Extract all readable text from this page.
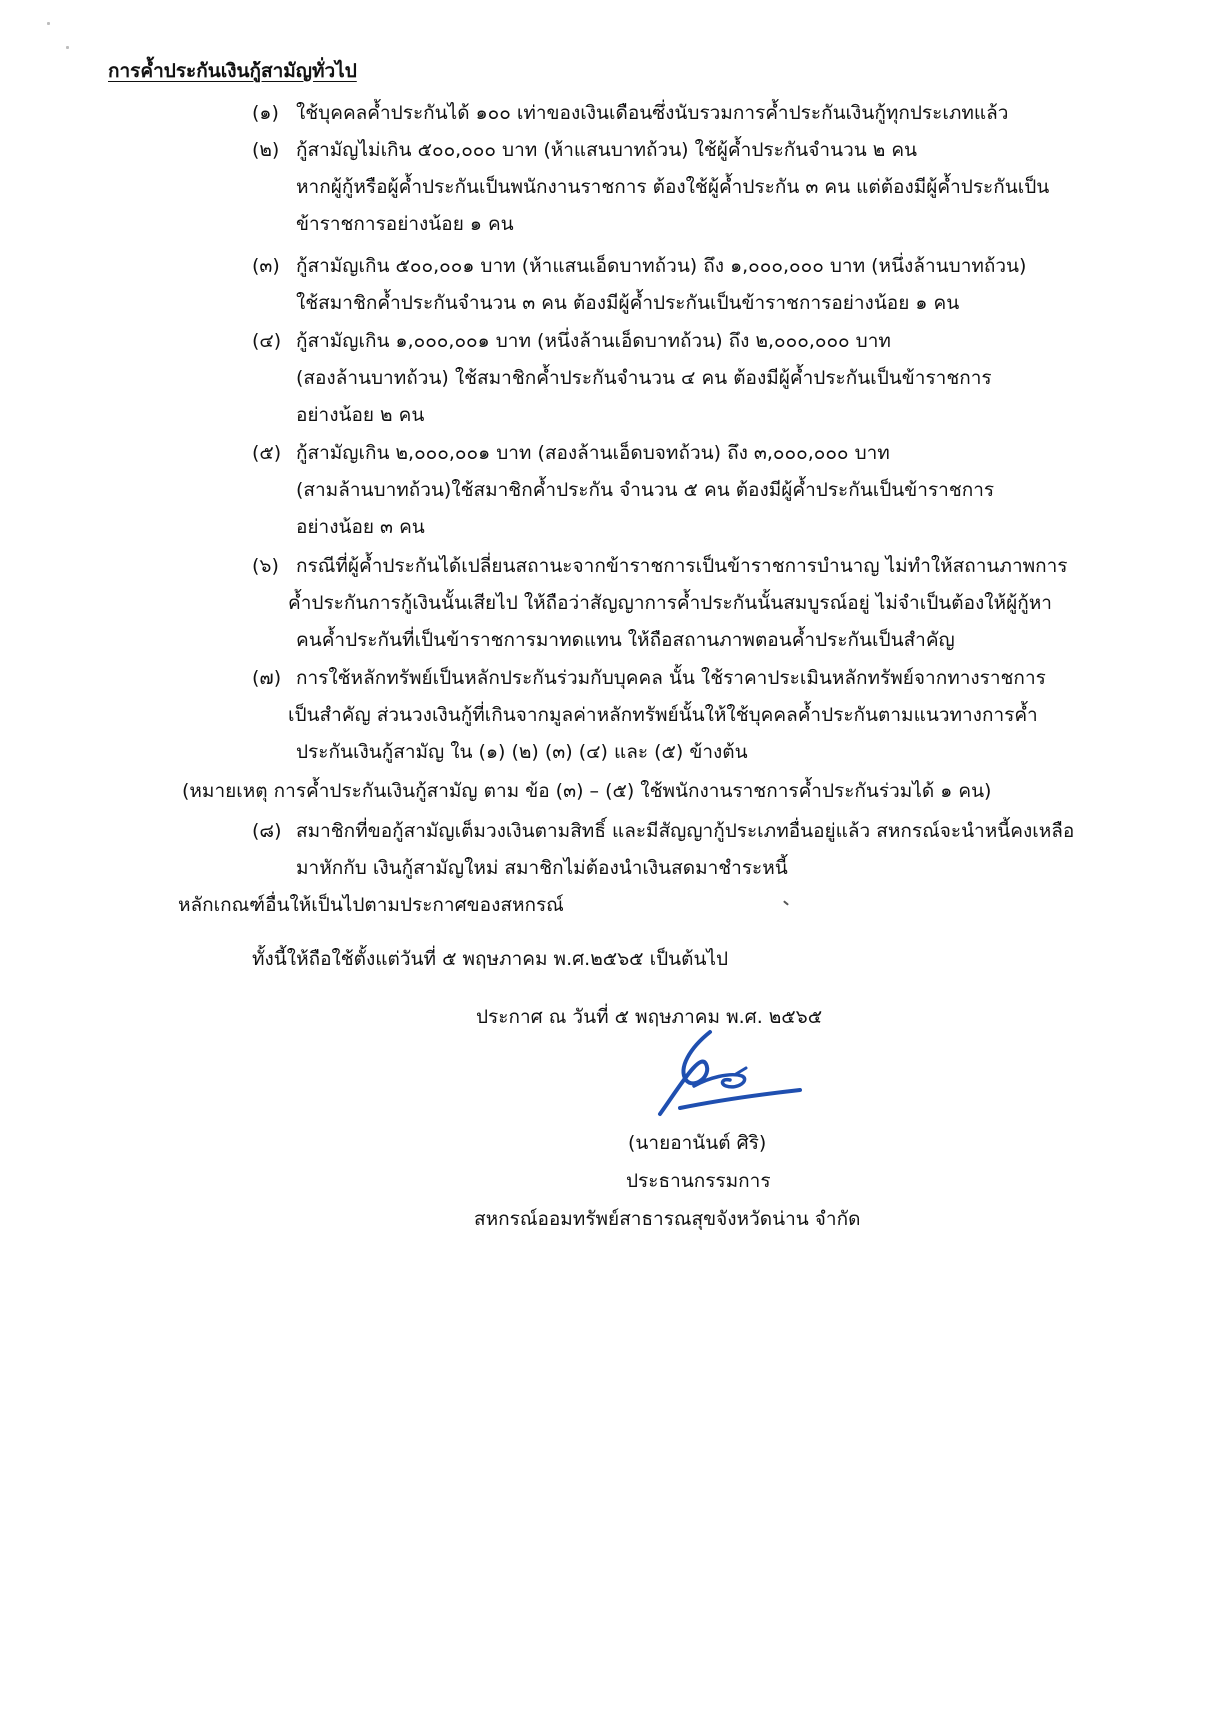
การค้ำประกันเงินกู้สามัญทั่วไป
(๑) ใช้บุคคลค้ำประกันได้ ๑๐๐ เท่าของเงินเดือนซึ่งนับรวมการค้ำประกันเงินกู้ทุกประเภทแล้ว
(๒) กู้สามัญไม่เกิน ๕๐๐,๐๐๐ บาท (ห้าแสนบาทถ้วน) ใช้ผู้ค้ำประกันจำนวน ๒ คน
หากผู้กู้หรือผู้ค้ำประกันเป็นพนักงานราชการ ต้องใช้ผู้ค้ำประกัน ๓ คน แต่ต้องมีผู้ค้ำประกันเป็น
ข้าราชการอย่างน้อย ๑ คน
(๓) กู้สามัญเกิน ๕๐๐,๐๐๑ บาท (ห้าแสนเอ็ดบาทถ้วน) ถึง ๑,๐๐๐,๐๐๐ บาท (หนึ่งล้านบาทถ้วน)
ใช้สมาชิกค้ำประกันจำนวน ๓ คน ต้องมีผู้ค้ำประกันเป็นข้าราชการอย่างน้อย ๑ คน
(๔) กู้สามัญเกิน ๑,๐๐๐,๐๐๑ บาท (หนึ่งล้านเอ็ดบาทถ้วน) ถึง ๒,๐๐๐,๐๐๐ บาท
(สองล้านบาทถ้วน) ใช้สมาชิกค้ำประกันจำนวน ๔ คน ต้องมีผู้ค้ำประกันเป็นข้าราชการ
อย่างน้อย ๒ คน
(๕) กู้สามัญเกิน ๒,๐๐๐,๐๐๑ บาท (สองล้านเอ็ดบจทถ้วน) ถึง ๓,๐๐๐,๐๐๐ บาท
(สามล้านบาทถ้วน)ใช้สมาชิกค้ำประกัน จำนวน ๕ คน ต้องมีผู้ค้ำประกันเป็นข้าราชการ
อย่างน้อย ๓ คน
(๖) กรณีที่ผู้ค้ำประกันได้เปลี่ยนสถานะจากข้าราชการเป็นข้าราชการบำนาญ ไม่ทำให้สถานภาพการ
ค้ำประกันการกู้เงินนั้นเสียไป ให้ถือว่าสัญญาการค้ำประกันนั้นสมบูรณ์อยู่ ไม่จำเป็นต้องให้ผู้กู้หา
คนค้ำประกันที่เป็นข้าราชการมาทดแทน ให้ถือสถานภาพตอนค้ำประกันเป็นสำคัญ
(๗) การใช้หลักทรัพย์เป็นหลักประกันร่วมกับบุคคล นั้น ใช้ราคาประเมินหลักทรัพย์จากทางราชการ
เป็นสำคัญ ส่วนวงเงินกู้ที่เกินจากมูลค่าหลักทรัพย์นั้นให้ใช้บุคคลค้ำประกันตามแนวทางการค้ำ
ประกันเงินกู้สามัญ ใน (๑) (๒) (๓) (๔) และ (๕) ข้างต้น
(หมายเหตุ การค้ำประกันเงินกู้สามัญ ตาม ข้อ (๓) – (๕) ใช้พนักงานราชการค้ำประกันร่วมได้ ๑ คน)
(๘) สมาชิกที่ขอกู้สามัญเต็มวงเงินตามสิทธิ์ และมีสัญญากู้ประเภทอื่นอยู่แล้ว สหกรณ์จะนำหนี้คงเหลือ
มาหักกับ เงินกู้สามัญใหม่ สมาชิกไม่ต้องนำเงินสดมาชำระหนี้
หลักเกณฑ์อื่นให้เป็นไปตามประกาศของสหกรณ์
ทั้งนี้ให้ถือใช้ตั้งแต่วันที่ ๕ พฤษภาคม พ.ศ.๒๕๖๕ เป็นต้นไป
ประกาศ ณ วันที่ ๕ พฤษภาคม พ.ศ. ๒๕๖๕
(นายอานันต์ ศิริ)
ประธานกรรมการ
สหกรณ์ออมทรัพย์สาธารณสุขจังหวัดน่าน จำกัด
